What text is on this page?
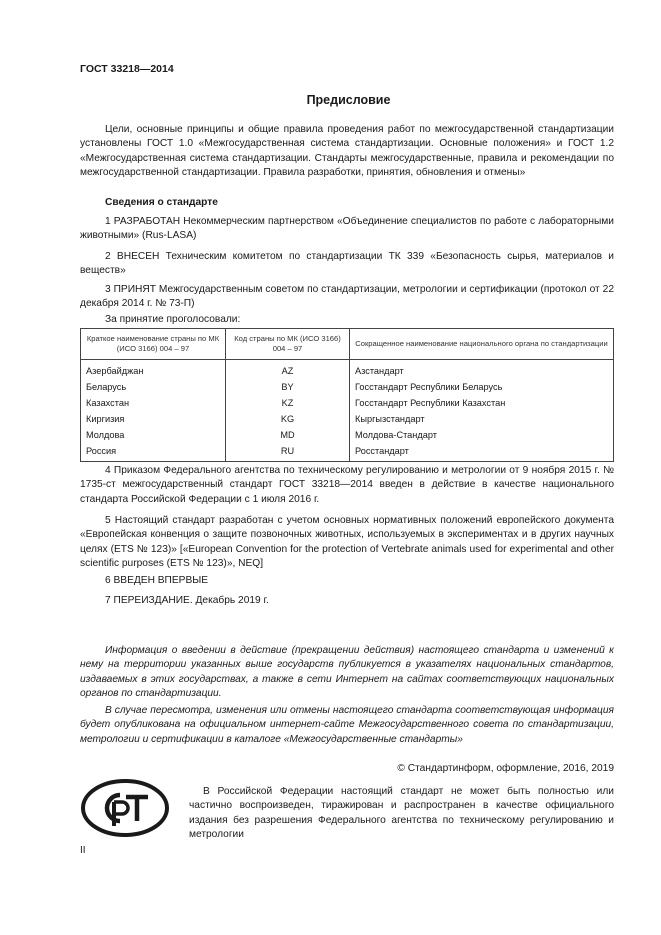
ГОСТ 33218—2014
Предисловие

Цели, основные принципы и общие правила проведения работ по межгосударственной стандартизации установлены ГОСТ 1.0 «Межгосударственная система стандартизации. Основные положения» и ГОСТ 1.2 «Межгосударственная система стандартизации. Стандарты межгосударственные, правила и рекомендации по межгосударственной стандартизации. Правила разработки, принятия, обновления и отмены»

Сведения о стандарте

1 РАЗРАБОТАН Некоммерческим партнерством «Объединение специалистов по работе с лабораторными животными» (Rus-LASA)

2 ВНЕСЕН Техническим комитетом по стандартизации ТК 339 «Безопасность сырья, материалов и веществ»

3 ПРИНЯТ Межгосударственным советом по стандартизации, метрологии и сертификации (протокол от 22 декабря 2014 г. № 73-П)

За принятие проголосовали:
Краткое наименование страны по МК (ИСО 3166) 004 – 97	Код страны по МК (ИСО 3166) 004 – 97	Сокращенное наименование национального органа по стандартизации
Азербайджан	AZ	Азстандарт
Беларусь	BY	Госстандарт Республики Беларусь
Казахстан	KZ	Госстандарт Республики Казахстан
Киргизия	KG	Кыргызстандарт
Молдова	MD	Молдова-Стандарт
Россия	RU	Росстандарт

4 Приказом Федерального агентства по техническому регулированию и метрологии от 9 ноября 2015 г. № 1735-ст межгосударственный стандарт ГОСТ 33218—2014 введен в действие в качестве национального стандарта Российской Федерации с 1 июля 2016 г.

5 Настоящий стандарт разработан с учетом основных нормативных положений европейского документа «Европейская конвенция о защите позвоночных животных, используемых в экспериментах и в других научных целях (ETS № 123)» [«European Convention for the protection of Vertebrate animals used for experimental and other scientific purposes (ETS № 123)», NEQ]

6 ВВЕДЕН ВПЕРВЫЕ

7 ПЕРЕИЗДАНИЕ. Декабрь 2019 г.

Информация о введении в действие (прекращении действия) настоящего стандарта и изменений к нему на территории указанных выше государств публикуется в указателях национальных стандартов, издаваемых в этих государствах, а также в сети Интернет на сайтах соответствующих национальных органов по стандартизации.

В случае пересмотра, изменения или отмены настоящего стандарта соответствующая информация будет опубликована на официальном интернет-сайте Межгосударственного совета по стандартизации, метрологии и сертификации в каталоге «Межгосударственные стандарты»

© Стандартинформ, оформление, 2016, 2019

В Российской Федерации настоящий стандарт не может быть полностью или частично воспроизведен, тиражирован и распространен в качестве официального издания без разрешения Федерального агентства по техническому регулированию и метрологии

II
